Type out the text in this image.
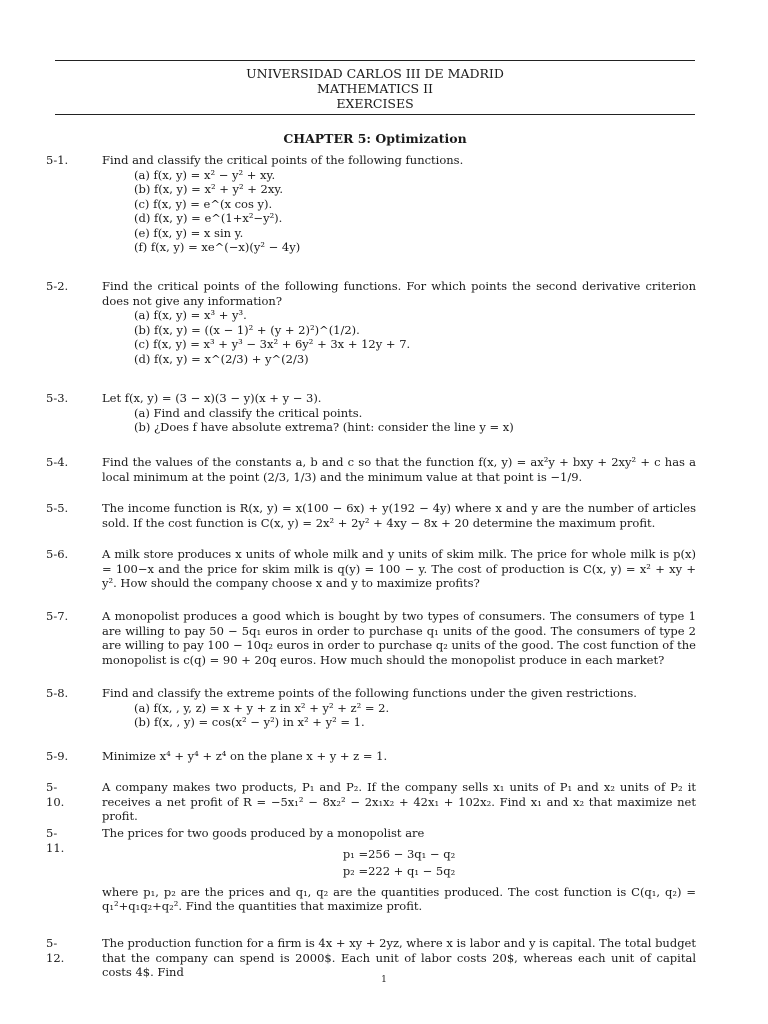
UNIVERSIDAD CARLOS III DE MADRID
MATHEMATICS II
EXERCISES
CHAPTER 5: Optimization
5-1.	Find and classify the critical points of the following functions.
(a) f(x, y) = x² − y² + xy.
(b) f(x, y) = x² + y² + 2xy.
(c) f(x, y) = e^(x cos y).
(d) f(x, y) = e^(1+x²−y²).
(e) f(x, y) = x sin y.
(f) f(x, y) = xe^(−x)(y² − 4y)
5-2.	Find the critical points of the following functions. For which points the second derivative criterion does not give any information?
(a) f(x, y) = x³ + y³.
(b) f(x, y) = ((x − 1)² + (y + 2)²)^(1/2).
(c) f(x, y) = x³ + y³ − 3x² + 6y² + 3x + 12y + 7.
(d) f(x, y) = x^(2/3) + y^(2/3)
5-3.	Let f(x, y) = (3 − x)(3 − y)(x + y − 3).
(a) Find and classify the critical points.
(b) ¿Does f have absolute extrema? (hint: consider the line y = x)
5-4.	Find the values of the constants a, b and c so that the function f(x, y) = ax²y + bxy + 2xy² + c has a local minimum at the point (2/3, 1/3) and the minimum value at that point is −1/9.
5-5.	The income function is R(x, y) = x(100 − 6x) + y(192 − 4y) where x and y are the number of articles sold. If the cost function is C(x, y) = 2x² + 2y² + 4xy − 8x + 20 determine the maximum profit.
5-6.	A milk store produces x units of whole milk and y units of skim milk. The price for whole milk is p(x) = 100−x and the price for skim milk is q(y) = 100 − y. The cost of production is C(x, y) = x² + xy + y². How should the company choose x and y to maximize profits?
5-7.	A monopolist produces a good which is bought by two types of consumers. The consumers of type 1 are willing to pay 50 − 5q₁ euros in order to purchase q₁ units of the good. The consumers of type 2 are willing to pay 100 − 10q₂ euros in order to purchase q₂ units of the good. The cost function of the monopolist is c(q) = 90 + 20q euros. How much should the monopolist produce in each market?
5-8.	Find and classify the extreme points of the following functions under the given restrictions.
(a) f(x, , y, z) = x + y + z in x² + y² + z² = 2.
(b) f(x, , y) = cos(x² − y²) in x² + y² = 1.
5-9.	Minimize x⁴ + y⁴ + z⁴ on the plane x + y + z = 1.
5-10.
A company makes two products, P₁ and P₂. If the company sells x₁ units of P₁ and x₂ units of P₂ it receives a net profit of R = −5x₁² − 8x₂² − 2x₁x₂ + 42x₁ + 102x₂. Find x₁ and x₂ that maximize net profit.
5-11.
The prices for two goods produced by a monopolist are
p₁ =256 − 3q₁ − q₂
p₂ =222 + q₁ − 5q₂
where p₁, p₂ are the prices and q₁, q₂ are the quantities produced. The cost function is C(q₁, q₂) = q₁²+q₁q₂+q₂². Find the quantities that maximize profit.
5-12.
The production function for a firm is 4x + xy + 2yz, where x is labor and y is capital. The total budget that the company can spend is 2000$. Each unit of labor costs 20$, whereas each unit of capital costs 4$. Find
1
